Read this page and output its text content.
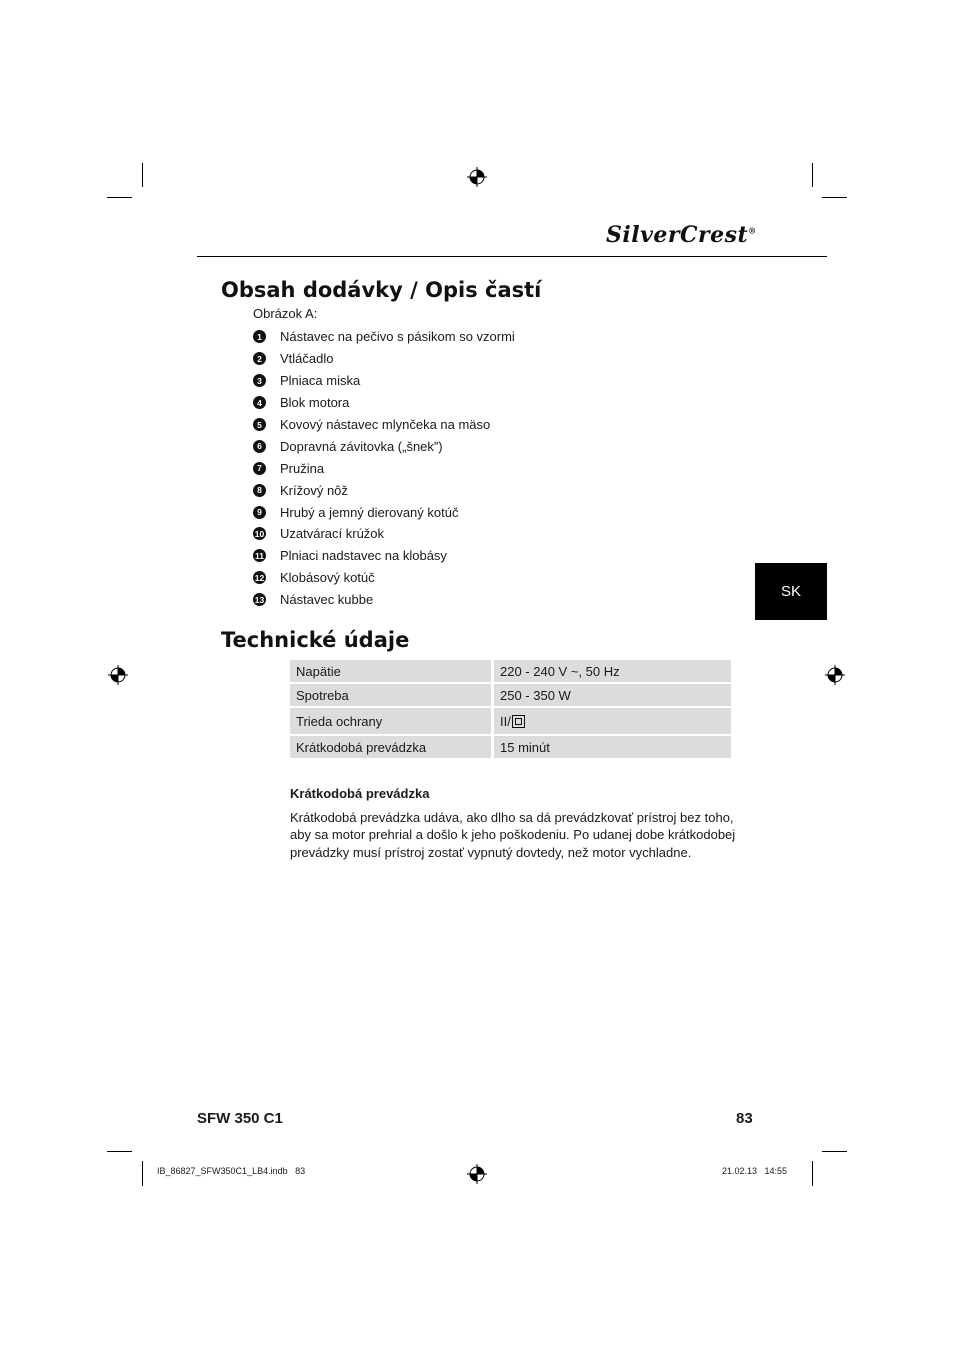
SilverCrest®
Obsah dodávky / Opis častí
Obrázok A:
1	Nástavec na pečivo s pásikom so vzormi
2	Vtláčadlo
3	Plniaca miska
4	Blok motora
5	Kovový nástavec mlynčeka na mäso
6	Dopravná závitovka („šnek”)
7	Pružina
8	Krížový nôž
9	Hrubý a jemný dierovaný kotúč
10 Uzatvárací krúžok
11 Plniaci nadstavec na klobásy
12 Klobásový kotúč
13 Nástavec kubbe	SK
Technické údaje
Napätie	220 - 240 V ~, 50 Hz
Spotreba	250 - 350 W
Trieda ochrany	II/
Krátkodobá prevádzka	15 minút
Krátkodobá prevádzka
Krátkodobá prevádzka udáva, ako dlho sa dá prevádzkovať prístroj bez toho, aby sa motor prehrial a došlo k jeho poškodeniu. Po udanej dobe krátkodobej prevádzky musí prístroj zostať vypnutý dovtedy, než motor vychladne.
SFW 350 C1	83
IB_86827_SFW350C1_LB4.indb   83	21.02.13   14:55
